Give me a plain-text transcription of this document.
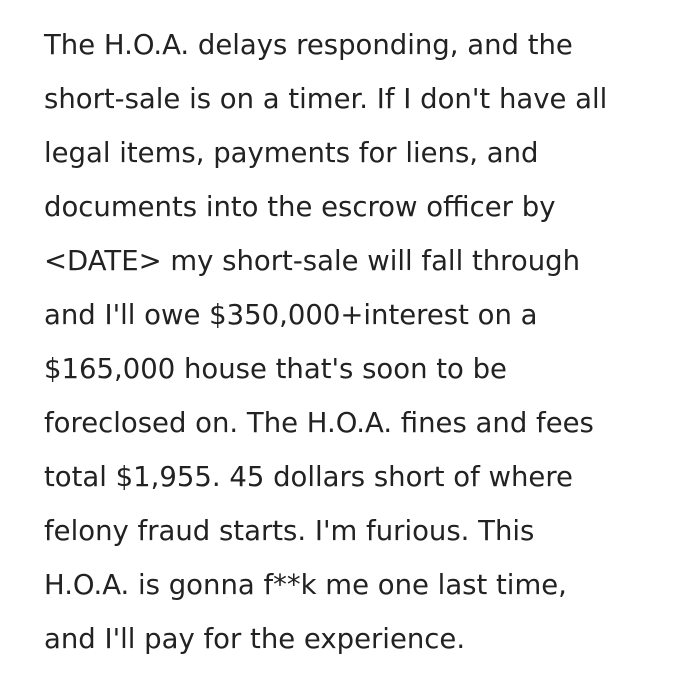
The H.O.A. delays responding, and the
short-sale is on a timer. If I don't have all
legal items, payments for liens, and
documents into the escrow officer by
<DATE> my short-sale will fall through
and I'll owe $350,000+interest on a
$165,000 house that's soon to be
foreclosed on. The H.O.A. fines and fees
total $1,955. 45 dollars short of where
felony fraud starts. I'm furious. This
H.O.A. is gonna f**k me one last time,
and I'll pay for the experience.
